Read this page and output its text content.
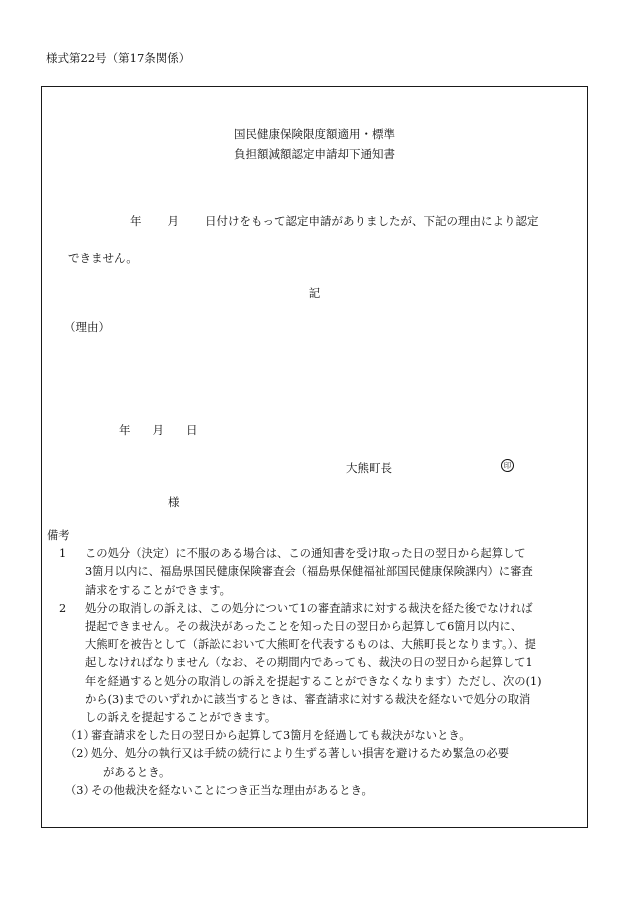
様式第22号（第17条関係）
国民健康保険限度額適用・標準
負担額減額認定申請却下通知書
年 月 日付けをもって認定申請がありましたが、下記の理由により認定
できません。
記
（理由）
年 月 日
大熊町長	印
様
備考
1 この処分（決定）に不服のある場合は、この通知書を受け取った日の翌日から起算して

3箇月以内に、福島県国民健康保険審査会（福島県保健福祉部国民健康保険課内）に審査

請求をすることができます。

2 処分の取消しの訴えは、この処分について1の審査請求に対する裁決を経た後でなければ

提起できません。その裁決があったことを知った日の翌日から起算して6箇月以内に、

大熊町を被告として（訴訟において大熊町を代表するものは、大熊町長となります。）、提

起しなければなりません（なお、その期間内であっても、裁決の日の翌日から起算して1

年を経過すると処分の取消しの訴えを提起することができなくなります）ただし、次の(1)

から(3)までのいずれかに該当するときは、審査請求に対する裁決を経ないで処分の取消

しの訴えを提起することができます。

（1）

審査請求をした日の翌日から起算して3箇月を経過しても裁決がないとき。

（2）

処分、処分の執行又は手続の続行により生ずる著しい損害を避けるため緊急の必要

があるとき。

（3）

その他裁決を経ないことにつき正当な理由があるとき。
